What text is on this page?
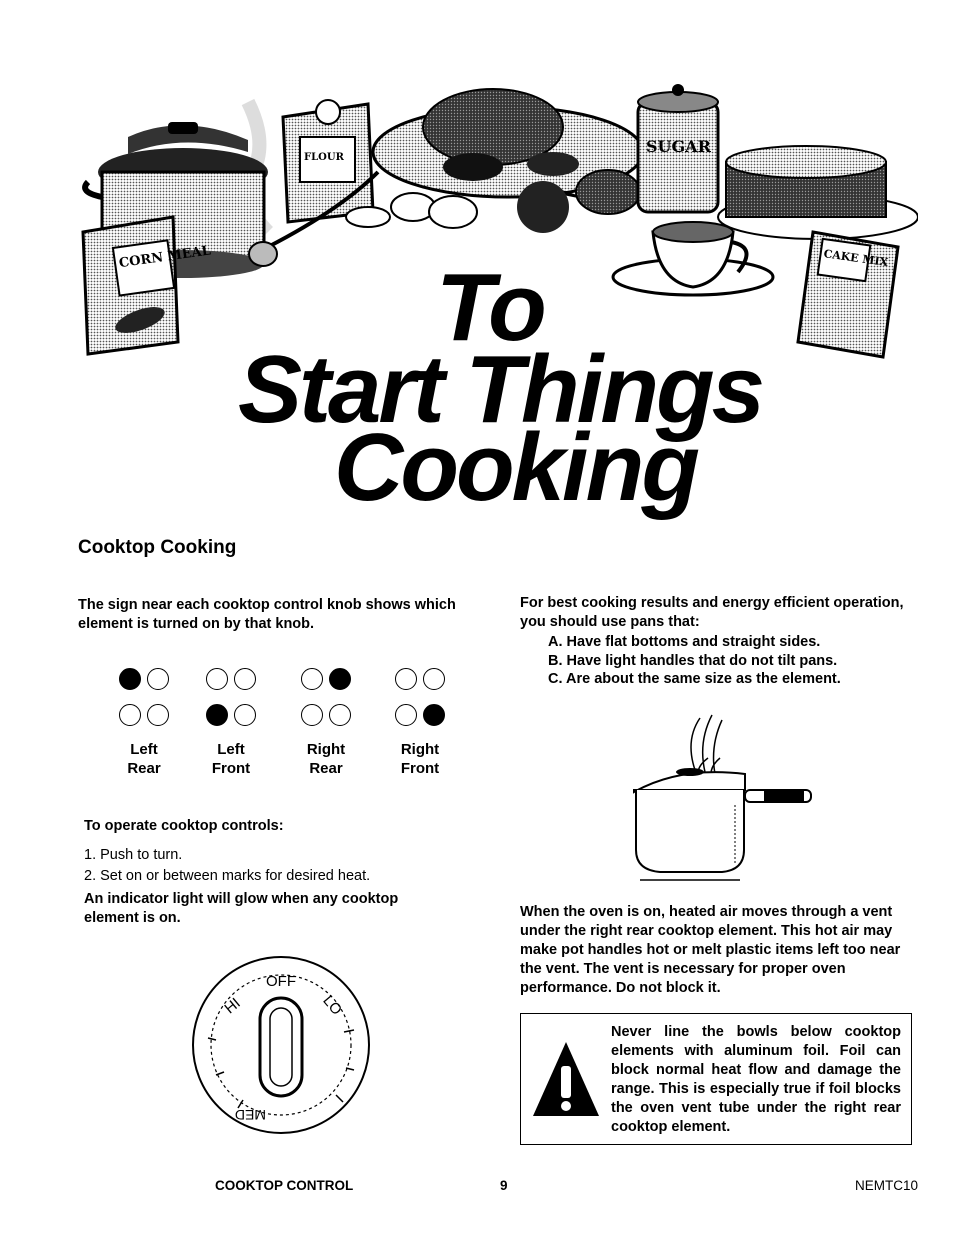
CORN MEAL
FLOUR
SUGAR
CAKE MIX
To
Start Things
Cooking
Cooktop Cooking
The sign near each cooktop control knob shows which element is turned on by that knob.
Left
Rear
Left
Front
Right
Rear
Right
Front
To operate cooktop controls:
1. Push to turn.
2. Set on or between marks for desired heat.
An indicator light will glow when any cooktop element is on.
OFF
HI	LO
MED
For best cooking results and energy efficient operation, you should use pans that:
A. Have flat bottoms and straight sides.
B. Have light handles that do not tilt pans.
C. Are about the same size as the element.
When the oven is on, heated air moves through a vent under the right rear cooktop element. This hot air may make pot handles hot or melt plastic items left too near the vent. The vent is necessary for proper oven performance. Do not block it.
Never line the bowls below cooktop elements with aluminum foil. Foil can block normal heat flow and damage the range. This is especially true if foil blocks the oven vent tube under the right rear cooktop element.
COOKTOP CONTROL	9	NEMTC10
